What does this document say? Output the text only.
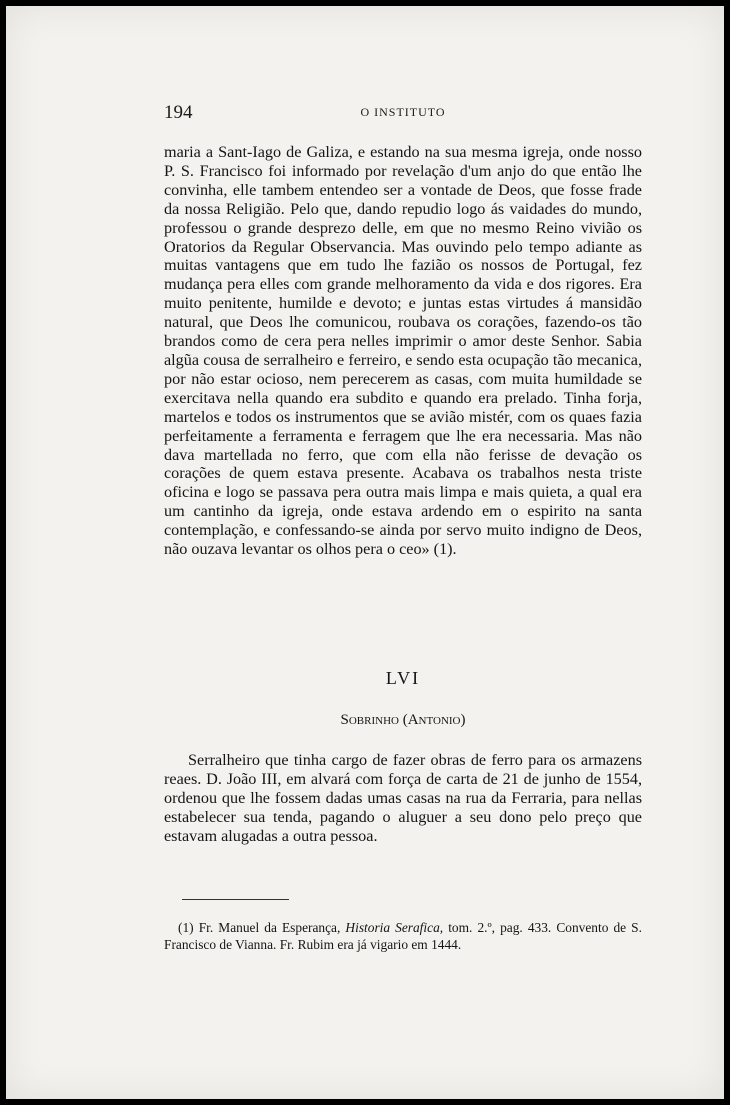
194	O INSTITUTO

maria a Sant-Iago de Galiza, e estando na sua mesma igreja, onde nosso P. S. Francisco foi informado por revelação d'um anjo do que então lhe convinha, elle tambem entendeo ser a vontade de Deos, que fosse frade da nossa Religião. Pelo que, dando repudio logo ás vaidades do mundo, professou o grande desprezo delle, em que no mesmo Reino vivião os Oratorios da Regular Observancia. Mas ouvindo pelo tempo adiante as muitas vantagens que em tudo lhe fazião os nossos de Portugal, fez mudança pera elles com grande melhoramento da vida e dos rigores. Era muito penitente, humilde e devoto; e juntas estas virtudes á mansidão natural, que Deos lhe comunicou, roubava os corações, fazendo-os tão brandos como de cera pera nelles imprimir o amor deste Senhor. Sabia algũa cousa de serralheiro e ferreiro, e sendo esta ocupação tão mecanica, por não estar ocioso, nem perecerem as casas, com muita humildade se exercitava nella quando era subdito e quando era prelado. Tinha forja, martelos e todos os instrumentos que se avião mistér, com os quaes fazia perfeitamente a ferramenta e ferragem que lhe era necessaria. Mas não dava martellada no ferro, que com ella não ferisse de devação os corações de quem estava presente. Acabava os trabalhos nesta triste oficina e logo se passava pera outra mais limpa e mais quieta, a qual era um cantinho da igreja, onde estava ardendo em o espirito na santa contemplação, e confessando-se ainda por servo muito indigno de Deos, não ouzava levantar os olhos pera o ceo» (1).

LVI
Sobrinho (Antonio)

Serralheiro que tinha cargo de fazer obras de ferro para os armazens reaes. D. João III, em alvará com força de carta de 21 de junho de 1554, ordenou que lhe fossem dadas umas casas na rua da Ferraria, para nellas estabelecer sua tenda, pagando o aluguer a seu dono pelo preço que estavam alugadas a outra pessoa.

(1) Fr. Manuel da Esperança, Historia Serafica, tom. 2.º, pag. 433. Convento de S. Francisco de Vianna. Fr. Rubim era já vigario em 1444.
